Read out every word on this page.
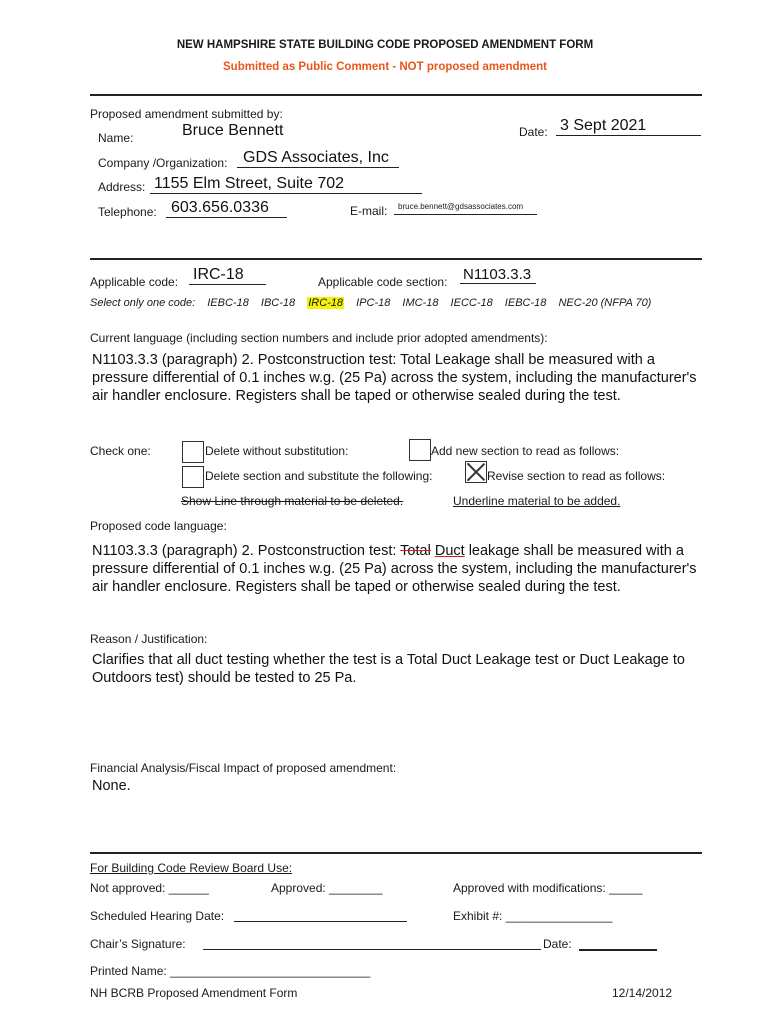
NEW HAMPSHIRE STATE BUILDING CODE PROPOSED AMENDMENT FORM
Submitted as Public Comment - NOT proposed amendment
Proposed amendment submitted by:
Name:	Bruce Bennett	Date: 3 Sept 2021
Company /Organization: GDS Associates, Inc
Address: 1155 Elm Street, Suite 702
Telephone: 603.656.0336	E-mail: bruce.bennett@gdsassociates.com
Applicable code: IRC-18	Applicable code section: N1103.3.3
Select only one code: IEBC-18 IBC-18 IRC-18 IPC-18 IMC-18 IECC-18 IEBC-18 NEC-20 (NFPA 70)
Current language (including section numbers and include prior adopted amendments):
N1103.3.3 (paragraph) 2. Postconstruction test: Total Leakage shall be measured with a pressure differential of 0.1 inches w.g. (25 Pa) across the system, including the manufacturer's air handler enclosure. Registers shall be taped or otherwise sealed during the test.
Check one:	Delete without substitution:	Add new section to read as follows:
Delete section and substitute the following:	Revise section to read as follows:
Show Line through material to be deleted.	Underline material to be added.
Proposed code language:
N1103.3.3 (paragraph) 2. Postconstruction test: Total Duct leakage shall be measured with a pressure differential of 0.1 inches w.g. (25 Pa) across the system, including the manufacturer's air handler enclosure. Registers shall be taped or otherwise sealed during the test.
Reason / Justification:
Clarifies that all duct testing whether the test is a Total Duct Leakage test or Duct Leakage to Outdoors test) should be tested to 25 Pa.
Financial Analysis/Fiscal Impact of proposed amendment:
None.
For Building Code Review Board Use:
Not approved: ______	Approved: ________	Approved with modifications: _____
Scheduled Hearing Date:	Exhibit #: ________________
Chair’s Signature:	Date:
Printed Name: ______________________________
NH BCRB Proposed Amendment Form	12/14/2012
